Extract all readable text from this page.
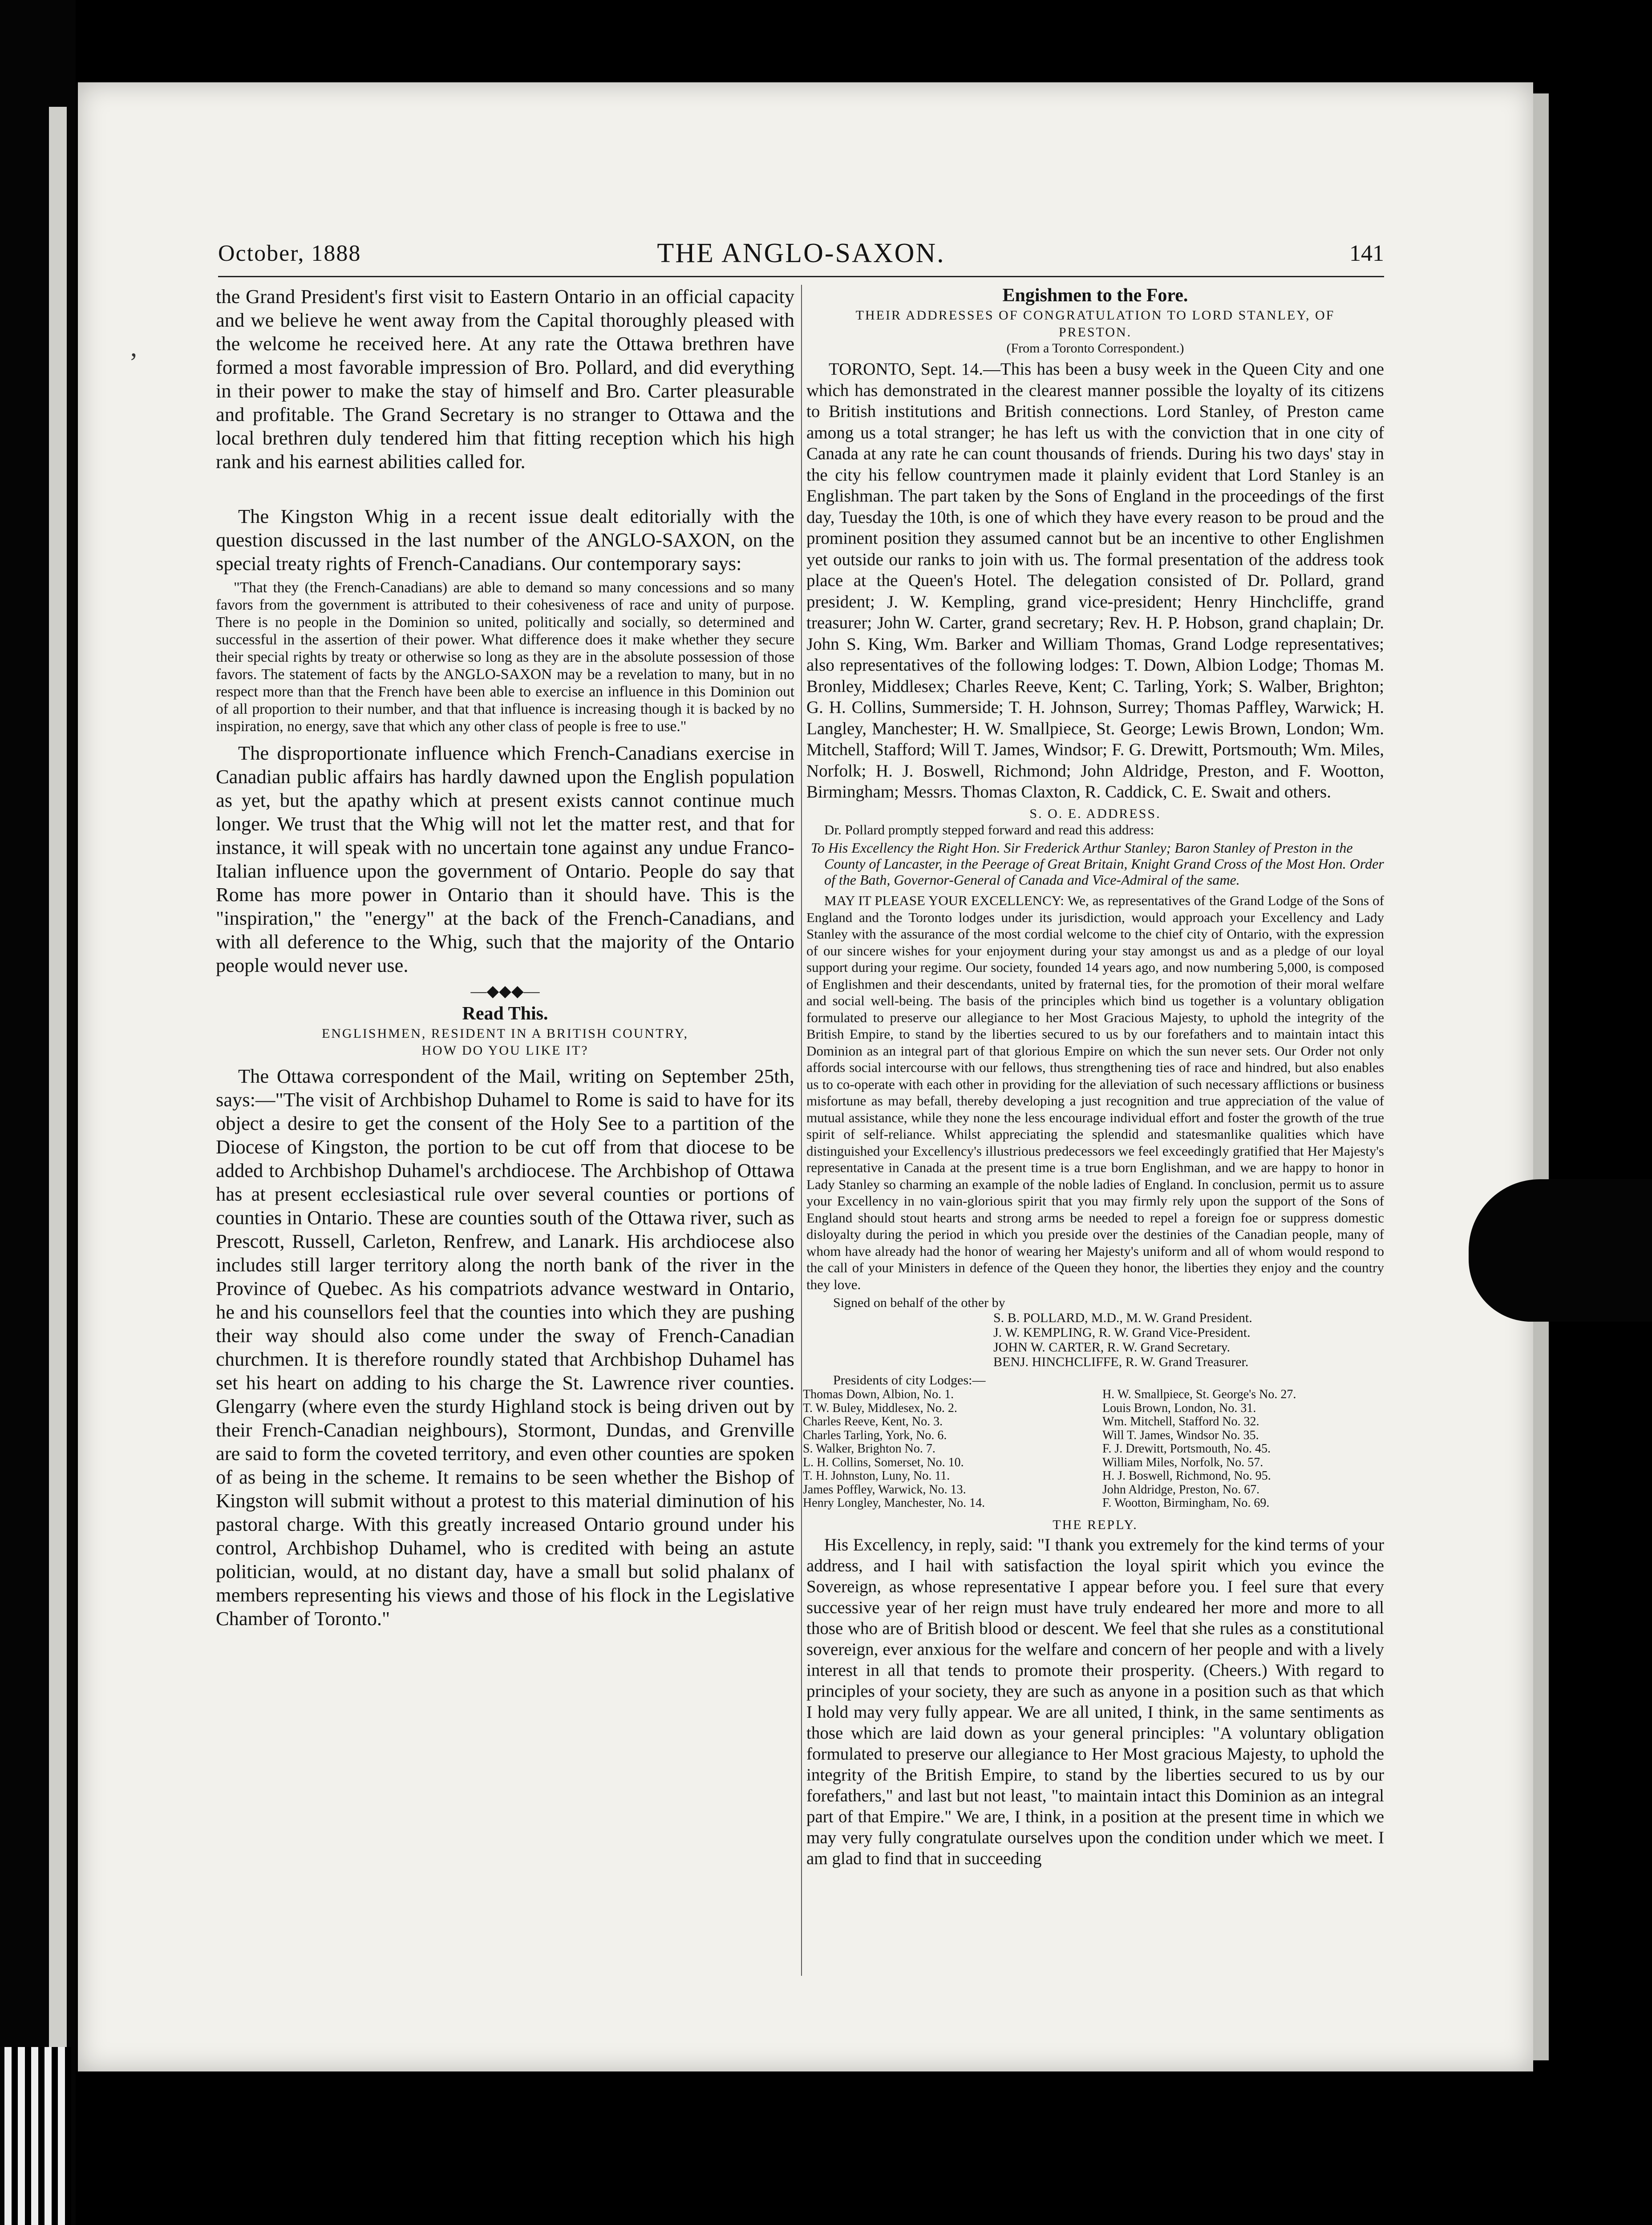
October, 1888	THE ANGLO-SAXON.	141
’

the Grand President's first visit to Eastern Ontario in an official capacity and we believe he went away from the Capital thoroughly pleased with the welcome he received here. At any rate the Ottawa brethren have formed a most favorable impression of Bro. Pollard, and did everything in their power to make the stay of himself and Bro. Carter pleasurable and profitable. The Grand Secretary is no stranger to Ottawa and the local brethren duly tendered him that fitting reception which his high rank and his earnest abilities called for.

The Kingston Whig in a recent issue dealt editorially with the question discussed in the last number of the ANGLO-SAXON, on the special treaty rights of French-Canadians. Our contemporary says:

"That they (the French-Canadians) are able to demand so many concessions and so many favors from the government is attributed to their cohesiveness of race and unity of purpose. There is no people in the Dominion so united, politically and socially, so determined and successful in the assertion of their power. What difference does it make whether they secure their special rights by treaty or otherwise so long as they are in the absolute possession of those favors. The statement of facts by the ANGLO-SAXON may be a revelation to many, but in no respect more than that the French have been able to exercise an influence in this Dominion out of all proportion to their number, and that that influence is increasing though it is backed by no inspiration, no energy, save that which any other class of people is free to use."

The disproportionate influence which French-Canadians exercise in Canadian public affairs has hardly dawned upon the English population as yet, but the apathy which at present exists cannot continue much longer. We trust that the Whig will not let the matter rest, and that for instance, it will speak with no uncertain tone against any undue Franco-Italian influence upon the government of Ontario. People do say that Rome has more power in Ontario than it should have. This is the "inspiration," the "energy" at the back of the French-Canadians, and with all deference to the Whig, such that the majority of the Ontario people would never use.

—◆◆◆—

Read This.

ENGLISHMEN, RESIDENT IN A BRITISH COUNTRY,

HOW DO YOU LIKE IT?

The Ottawa correspondent of the Mail, writing on September 25th, says:—"The visit of Archbishop Duhamel to Rome is said to have for its object a desire to get the consent of the Holy See to a partition of the Diocese of Kingston, the portion to be cut off from that diocese to be added to Archbishop Duhamel's archdiocese. The Archbishop of Ottawa has at present ecclesiastical rule over several counties or portions of counties in Ontario. These are counties south of the Ottawa river, such as Prescott, Russell, Carleton, Renfrew, and Lanark. His archdiocese also includes still larger territory along the north bank of the river in the Province of Quebec. As his compatriots advance westward in Ontario, he and his counsellors feel that the counties into which they are pushing their way should also come under the sway of French-Canadian churchmen. It is therefore roundly stated that Archbishop Duhamel has set his heart on adding to his charge the St. Lawrence river counties. Glengarry (where even the sturdy Highland stock is being driven out by their French-Canadian neighbours), Stormont, Dundas, and Grenville are said to form the coveted territory, and even other counties are spoken of as being in the scheme. It remains to be seen whether the Bishop of Kingston will submit without a protest to this material diminution of his pastoral charge. With this greatly increased Ontario ground under his control, Archbishop Duhamel, who is credited with being an astute politician, would, at no distant day, have a small but solid phalanx of members representing his views and those of his flock in the Legislative Chamber of Toronto."

Engishmen to the Fore.

THEIR ADDRESSES OF CONGRATULATION TO LORD STANLEY, OF

PRESTON.

(From a Toronto Correspondent.)

TORONTO, Sept. 14.—This has been a busy week in the Queen City and one which has demonstrated in the clearest manner possible the loyalty of its citizens to British institutions and British connections. Lord Stanley, of Preston came among us a total stranger; he has left us with the conviction that in one city of Canada at any rate he can count thousands of friends. During his two days' stay in the city his fellow countrymen made it plainly evident that Lord Stanley is an Englishman. The part taken by the Sons of England in the proceedings of the first day, Tuesday the 10th, is one of which they have every reason to be proud and the prominent position they assumed cannot but be an incentive to other Englishmen yet outside our ranks to join with us. The formal presentation of the address took place at the Queen's Hotel. The delegation consisted of Dr. Pollard, grand president; J. W. Kempling, grand vice-president; Henry Hinchcliffe, grand treasurer; John W. Carter, grand secretary; Rev. H. P. Hobson, grand chaplain; Dr. John S. King, Wm. Barker and William Thomas, Grand Lodge representatives; also representatives of the following lodges: T. Down, Albion Lodge; Thomas M. Bronley, Middlesex; Charles Reeve, Kent; C. Tarling, York; S. Walber, Brighton; G. H. Collins, Summerside; T. H. Johnson, Surrey; Thomas Paffley, Warwick; H. Langley, Manchester; H. W. Smallpiece, St. George; Lewis Brown, London; Wm. Mitchell, Stafford; Will T. James, Windsor; F. G. Drewitt, Portsmouth; Wm. Miles, Norfolk; H. J. Boswell, Richmond; John Aldridge, Preston, and F. Wootton, Birmingham; Messrs. Thomas Claxton, R. Caddick, C. E. Swait and others.

S. O. E. ADDRESS.

Dr. Pollard promptly stepped forward and read this address:

To His Excellency the Right Hon. Sir Frederick Arthur Stanley; Baron Stanley of Preston in the County of Lancaster, in the Peerage of Great Britain, Knight Grand Cross of the Most Hon. Order of the Bath, Governor-General of Canada and Vice-Admiral of the same.

MAY IT PLEASE YOUR EXCELLENCY: We, as representatives of the Grand Lodge of the Sons of England and the Toronto lodges under its jurisdiction, would approach your Excellency and Lady Stanley with the assurance of the most cordial welcome to the chief city of Ontario, with the expression of our sincere wishes for your enjoyment during your stay amongst us and as a pledge of our loyal support during your regime. Our society, founded 14 years ago, and now numbering 5,000, is composed of Englishmen and their descendants, united by fraternal ties, for the promotion of their moral welfare and social well-being. The basis of the principles which bind us together is a voluntary obligation formulated to preserve our allegiance to her Most Gracious Majesty, to uphold the integrity of the British Empire, to stand by the liberties secured to us by our forefathers and to maintain intact this Dominion as an integral part of that glorious Empire on which the sun never sets. Our Order not only affords social intercourse with our fellows, thus strengthening ties of race and hindred, but also enables us to co-operate with each other in providing for the alleviation of such necessary afflictions or business misfortune as may befall, thereby developing a just recognition and true appreciation of the value of mutual assistance, while they none the less encourage individual effort and foster the growth of the true spirit of self-reliance. Whilst appreciating the splendid and statesmanlike qualities which have distinguished your Excellency's illustrious predecessors we feel exceedingly gratified that Her Majesty's representative in Canada at the present time is a true born Englishman, and we are happy to honor in Lady Stanley so charming an example of the noble ladies of England. In conclusion, permit us to assure your Excellency in no vain-glorious spirit that you may firmly rely upon the support of the Sons of England should stout hearts and strong arms be needed to repel a foreign foe or suppress domestic disloyalty during the period in which you preside over the destinies of the Canadian people, many of whom have already had the honor of wearing her Majesty's uniform and all of whom would respond to the call of your Ministers in defence of the Queen they honor, the liberties they enjoy and the country they love.

Signed on behalf of the other by

S. B. POLLARD, M.D., M. W. Grand President.
J. W. KEMPLING, R. W. Grand Vice-President.
JOHN W. CARTER, R. W. Grand Secretary.
BENJ. HINCHCLIFFE, R. W. Grand Treasurer.

Presidents of city Lodges:—

Thomas Down, Albion, No. 1.
T. W. Buley, Middlesex, No. 2.
Charles Reeve, Kent, No. 3.
Charles Tarling, York, No. 6.
S. Walker, Brighton No. 7.
L. H. Collins, Somerset, No. 10.
T. H. Johnston, Luny, No. 11.
James Poffley, Warwick, No. 13.
Henry Longley, Manchester, No. 14.
H. W. Smallpiece, St. George's No. 27.
Louis Brown, London, No. 31.
Wm. Mitchell, Stafford No. 32.
Will T. James, Windsor No. 35.
F. J. Drewitt, Portsmouth, No. 45.
William Miles, Norfolk, No. 57.
H. J. Boswell, Richmond, No. 95.
John Aldridge, Preston, No. 67.
F. Wootton, Birmingham, No. 69.

THE REPLY.

His Excellency, in reply, said: "I thank you extremely for the kind terms of your address, and I hail with satisfaction the loyal spirit which you evince the Sovereign, as whose representative I appear before you. I feel sure that every successive year of her reign must have truly endeared her more and more to all those who are of British blood or descent. We feel that she rules as a constitutional sovereign, ever anxious for the welfare and concern of her people and with a lively interest in all that tends to promote their prosperity. (Cheers.) With regard to principles of your society, they are such as anyone in a position such as that which I hold may very fully appear. We are all united, I think, in the same sentiments as those which are laid down as your general principles: "A voluntary obligation formulated to preserve our allegiance to Her Most gracious Majesty, to uphold the integrity of the British Empire, to stand by the liberties secured to us by our forefathers," and last but not least, "to maintain intact this Dominion as an integral part of that Empire." We are, I think, in a position at the present time in which we may very fully congratulate ourselves upon the condition under which we meet. I am glad to find that in succeeding
